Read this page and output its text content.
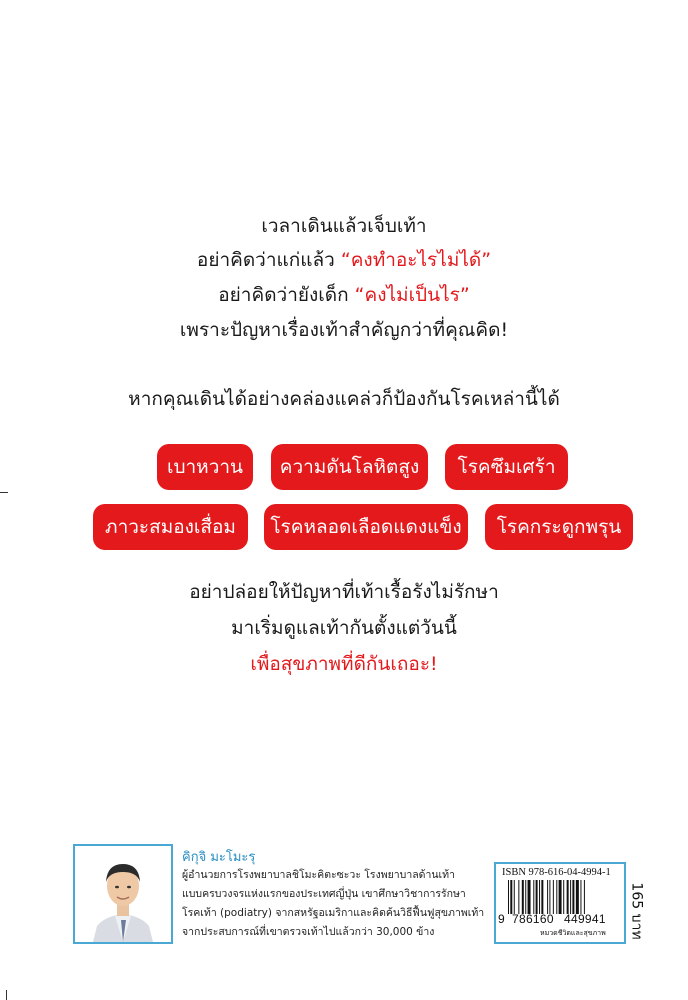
เวลาเดินแล้วเจ็บเท้า
อย่าคิดว่าแก่แล้ว “คงทำอะไรไม่ได้”
อย่าคิดว่ายังเด็ก “คงไม่เป็นไร”
เพราะปัญหาเรื่องเท้าสำคัญกว่าที่คุณคิด!
หากคุณเดินได้อย่างคล่องแคล่วก็ป้องกันโรคเหล่านี้ได้
เบาหวาน	ความดันโลหิตสูง	โรคซึมเศร้า
ภาวะสมองเสื่อม	โรคหลอดเลือดแดงแข็ง	โรคกระดูกพรุน
อย่าปล่อยให้ปัญหาที่เท้าเรื้อรังไม่รักษา
มาเริ่มดูแลเท้ากันตั้งแต่วันนี้
เพื่อสุขภาพที่ดีกันเถอะ!
คิกุจิ มะโมะรุ
ผู้อำนวยการโรงพยาบาลชิโมะคิตะซะวะ โรงพยาบาลด้านเท้า
แบบครบวงจรแห่งแรกของประเทศญี่ปุ่น เขาศึกษาวิชาการรักษา
โรคเท้า (podiatry) จากสหรัฐอเมริกาและคิดค้นวิธีฟื้นฟูสุขภาพเท้า
จากประสบการณ์ที่เขาตรวจเท้าไปแล้วกว่า 30,000 ข้าง
ISBN 978-616-04-4994-1
9 786160 449941
หมวดชีวิตและสุขภาพ 165 บาท
